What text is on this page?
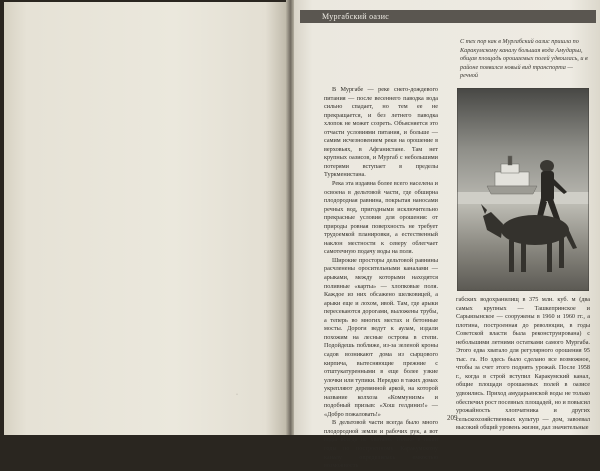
·
Мургабский оазис

С тех пор как в Мургабский оазис пришла по Каракумскому каналу большая вода Амударьи, общая площадь орошаемых полей удвоилась, и в районе появился новый вид транспорта — речной

В Мургабе — реке снего-дождевого питания — после весеннего паводка вода сильно спадает, но тем ее не прекращается, и без летнего паводка хлопок не может созреть. Объясняется это отчасти условиями питания, и больше — самим исчезновением реки на орошение в верховьях, в Афганистане. Там нет крупных оазисов, и Мургаб с небольшими потерями вступает в пределы Туркменистана.

Река эта издавна более всего населена и освоена в дельтовой части, где обширна плодородная равнина, покрытая наносами речных вод, пригодными исключительно прекрасные условия для орошения: от природы ровная поверхность не требует трудоемкой планировки, а естественный наклон местности к северу облегчает самотечную подачу воды на поля.

Широкие просторы дельтовой равнины расчленены оросительными каналами — арыками, между которыми находятся поливные «карты» — хлопковые поля. Каждое из них обсажено шелковицей, а арыки еще и лохом, ивой. Там, где арыки пересекаются дорогами, выложены трубы, а теперь во многих местах и бетонные мосты. Дороги ведут к аулам, издали похожим на лесные острова в степи. Подойдешь поближе, из-за зеленой кроны садов возникают дома из сырцового кирпича, вытесняющие прежние с отштукатуренными в еще более узкие улочки или тупики. Нередко в таких домах укрепляют деревянной аркой, на которой название колхоза «Коммунизм» и подобный призыв: «Хош гелдиниз!» — «Добро пожаловать!»

В дельтовой части всегда было много плодородной земли и рабочих рук, а вот воды всегда не хватало. Только в наши годы по построенному Каракумскому каналу определилась емкостью возможность

габских водохранилищ в 375 млн. куб. м (два самых крупных — Ташкепринское и Сарыязынское — сооружены в 1960 и 1960 гг., а плотина, построенная до революции, в годы Советской власти была реконструирована) с небольшими летними остатками самого Мургаба. Этого едва хватало для регулярного орошения 95 тыс. га. Но здесь было сделано все возможное, чтобы за счет этого поднять урожай. После 1958 г., когда в строй вступил Каракумский канал, общие площади орошаемых полей в оазисе удвоились. Приход амударьинской воды не только обеспечил рост посевных площадей, но и повысил урожайность хлопчатника и других сельскохозяйственных культур — дом, завоевал высокий общий уровень жизни, дал значительные

209
